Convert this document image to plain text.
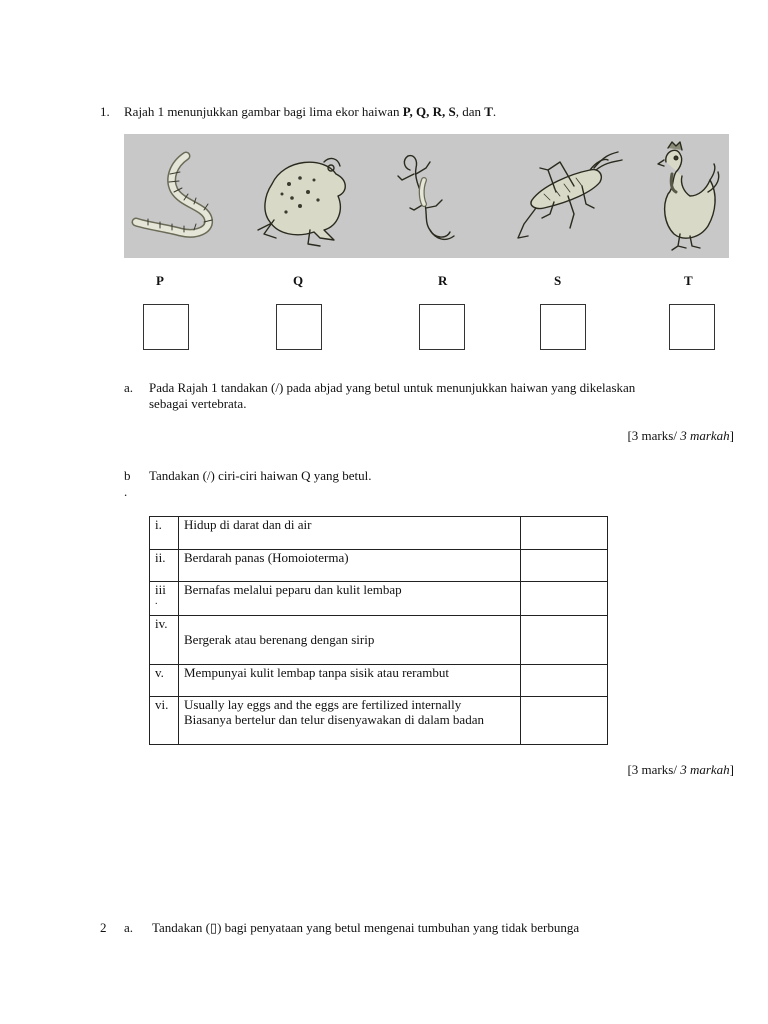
1. Rajah 1 menunjukkan gambar bagi lima ekor haiwan P, Q, R, S, dan T.
P	Q	R	S	T
a. Pada Rajah 1 tandakan (/) pada abjad yang betul untuk menunjukkan haiwan yang dikelaskan
sebagai vertebrata.
[3 marks/ 3 markah]
b Tandakan (/) ciri-ciri haiwan Q yang betul.
.
i.	Hidup di darat dan di air	
ii.	Berdarah panas (Homoioterma)	

iii
.	Bernafas melalui peparu dan kulit lembap	
iv.	Bergerak atau berenang dengan sirip	
v.	Mempunyai kulit lembap tanpa sisik atau rerambut	
vi.	Usually lay eggs and the eggs are fertilized internally
Biasanya bertelur dan telur disenyawakan di dalam badan	

[3 marks/ 3 markah]
2 a. Tandakan (▯) bagi penyataan yang betul mengenai tumbuhan yang tidak berbunga
